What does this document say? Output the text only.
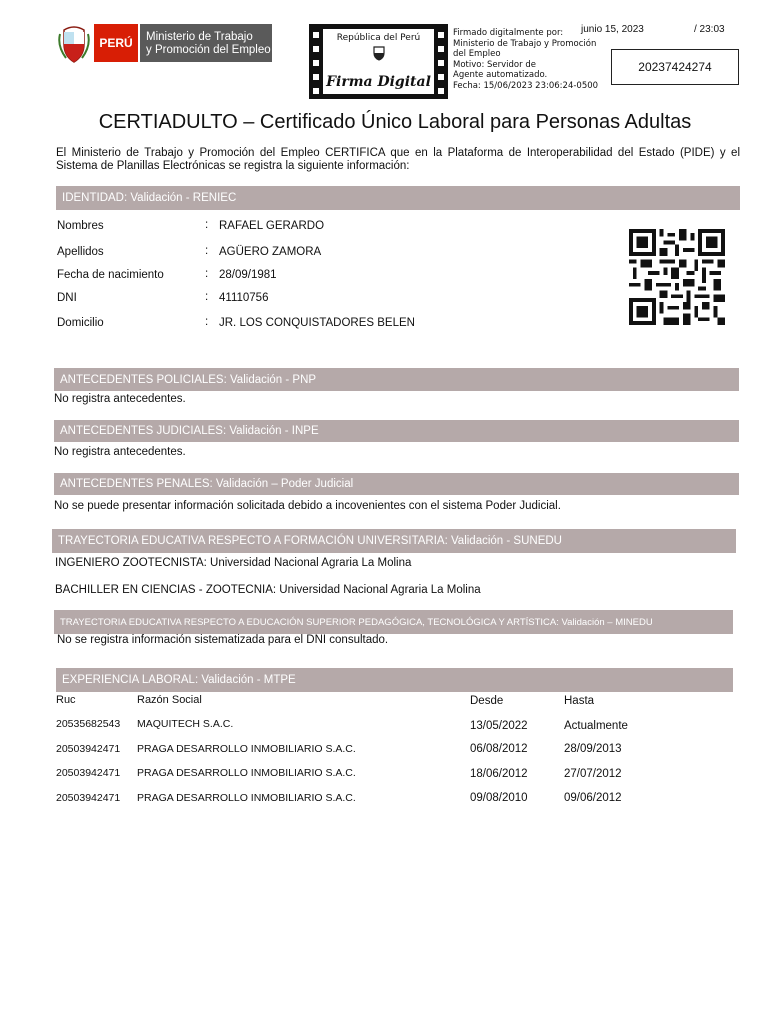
PERÚ	Ministerio de Trabajo
y Promoción del Empleo
República del Perú
Firma Digital
Firmado digitalmente por:
Ministerio de Trabajo y Promoción
del Empleo
Motivo: Servidor de
Agente automatizado.
Fecha: 15/06/2023 23:06:24-0500
junio 15, 2023	/ 23:03
20237424274
CERTIADULTO – Certificado Único Laboral para Personas Adultas
El Ministerio de Trabajo y Promoción del Empleo CERTIFICA que en la Plataforma de Interoperabilidad del Estado (PIDE) y el Sistema de Planillas Electrónicas se registra la siguiente información:
IDENTIDAD: Validación - RENIEC
Nombres	: RAFAEL GERARDO
Apellidos	: AGÜERO ZAMORA
Fecha de nacimiento	: 28/09/1981
DNI	: 41110756
Domicilio	: JR. LOS CONQUISTADORES BELEN
ANTECEDENTES POLICIALES: Validación - PNP
No registra antecedentes.
ANTECEDENTES JUDICIALES: Validación - INPE
No registra antecedentes.
ANTECEDENTES PENALES: Validación – Poder Judicial
No se puede presentar información solicitada debido a incovenientes con el sistema Poder Judicial.
TRAYECTORIA EDUCATIVA RESPECTO A FORMACIÓN UNIVERSITARIA: Validación - SUNEDU
INGENIERO ZOOTECNISTA: Universidad Nacional Agraria La Molina
BACHILLER EN CIENCIAS - ZOOTECNIA: Universidad Nacional Agraria La Molina
TRAYECTORIA EDUCATIVA RESPECTO A EDUCACIÓN SUPERIOR PEDAGÓGICA, TECNOLÓGICA Y ARTÍSTICA: Validación – MINEDU
No se registra información sistematizada para el DNI consultado.
EXPERIENCIA LABORAL: Validación - MTPE
Ruc	Razón Social	Desde	Hasta
20535682543 MAQUITECH S.A.C.	13/05/2022	Actualmente
20503942471 PRAGA DESARROLLO INMOBILIARIO S.A.C.	06/08/2012	28/09/2013
20503942471 PRAGA DESARROLLO INMOBILIARIO S.A.C.	18/06/2012	27/07/2012
20503942471 PRAGA DESARROLLO INMOBILIARIO S.A.C.	09/08/2010	09/06/2012
